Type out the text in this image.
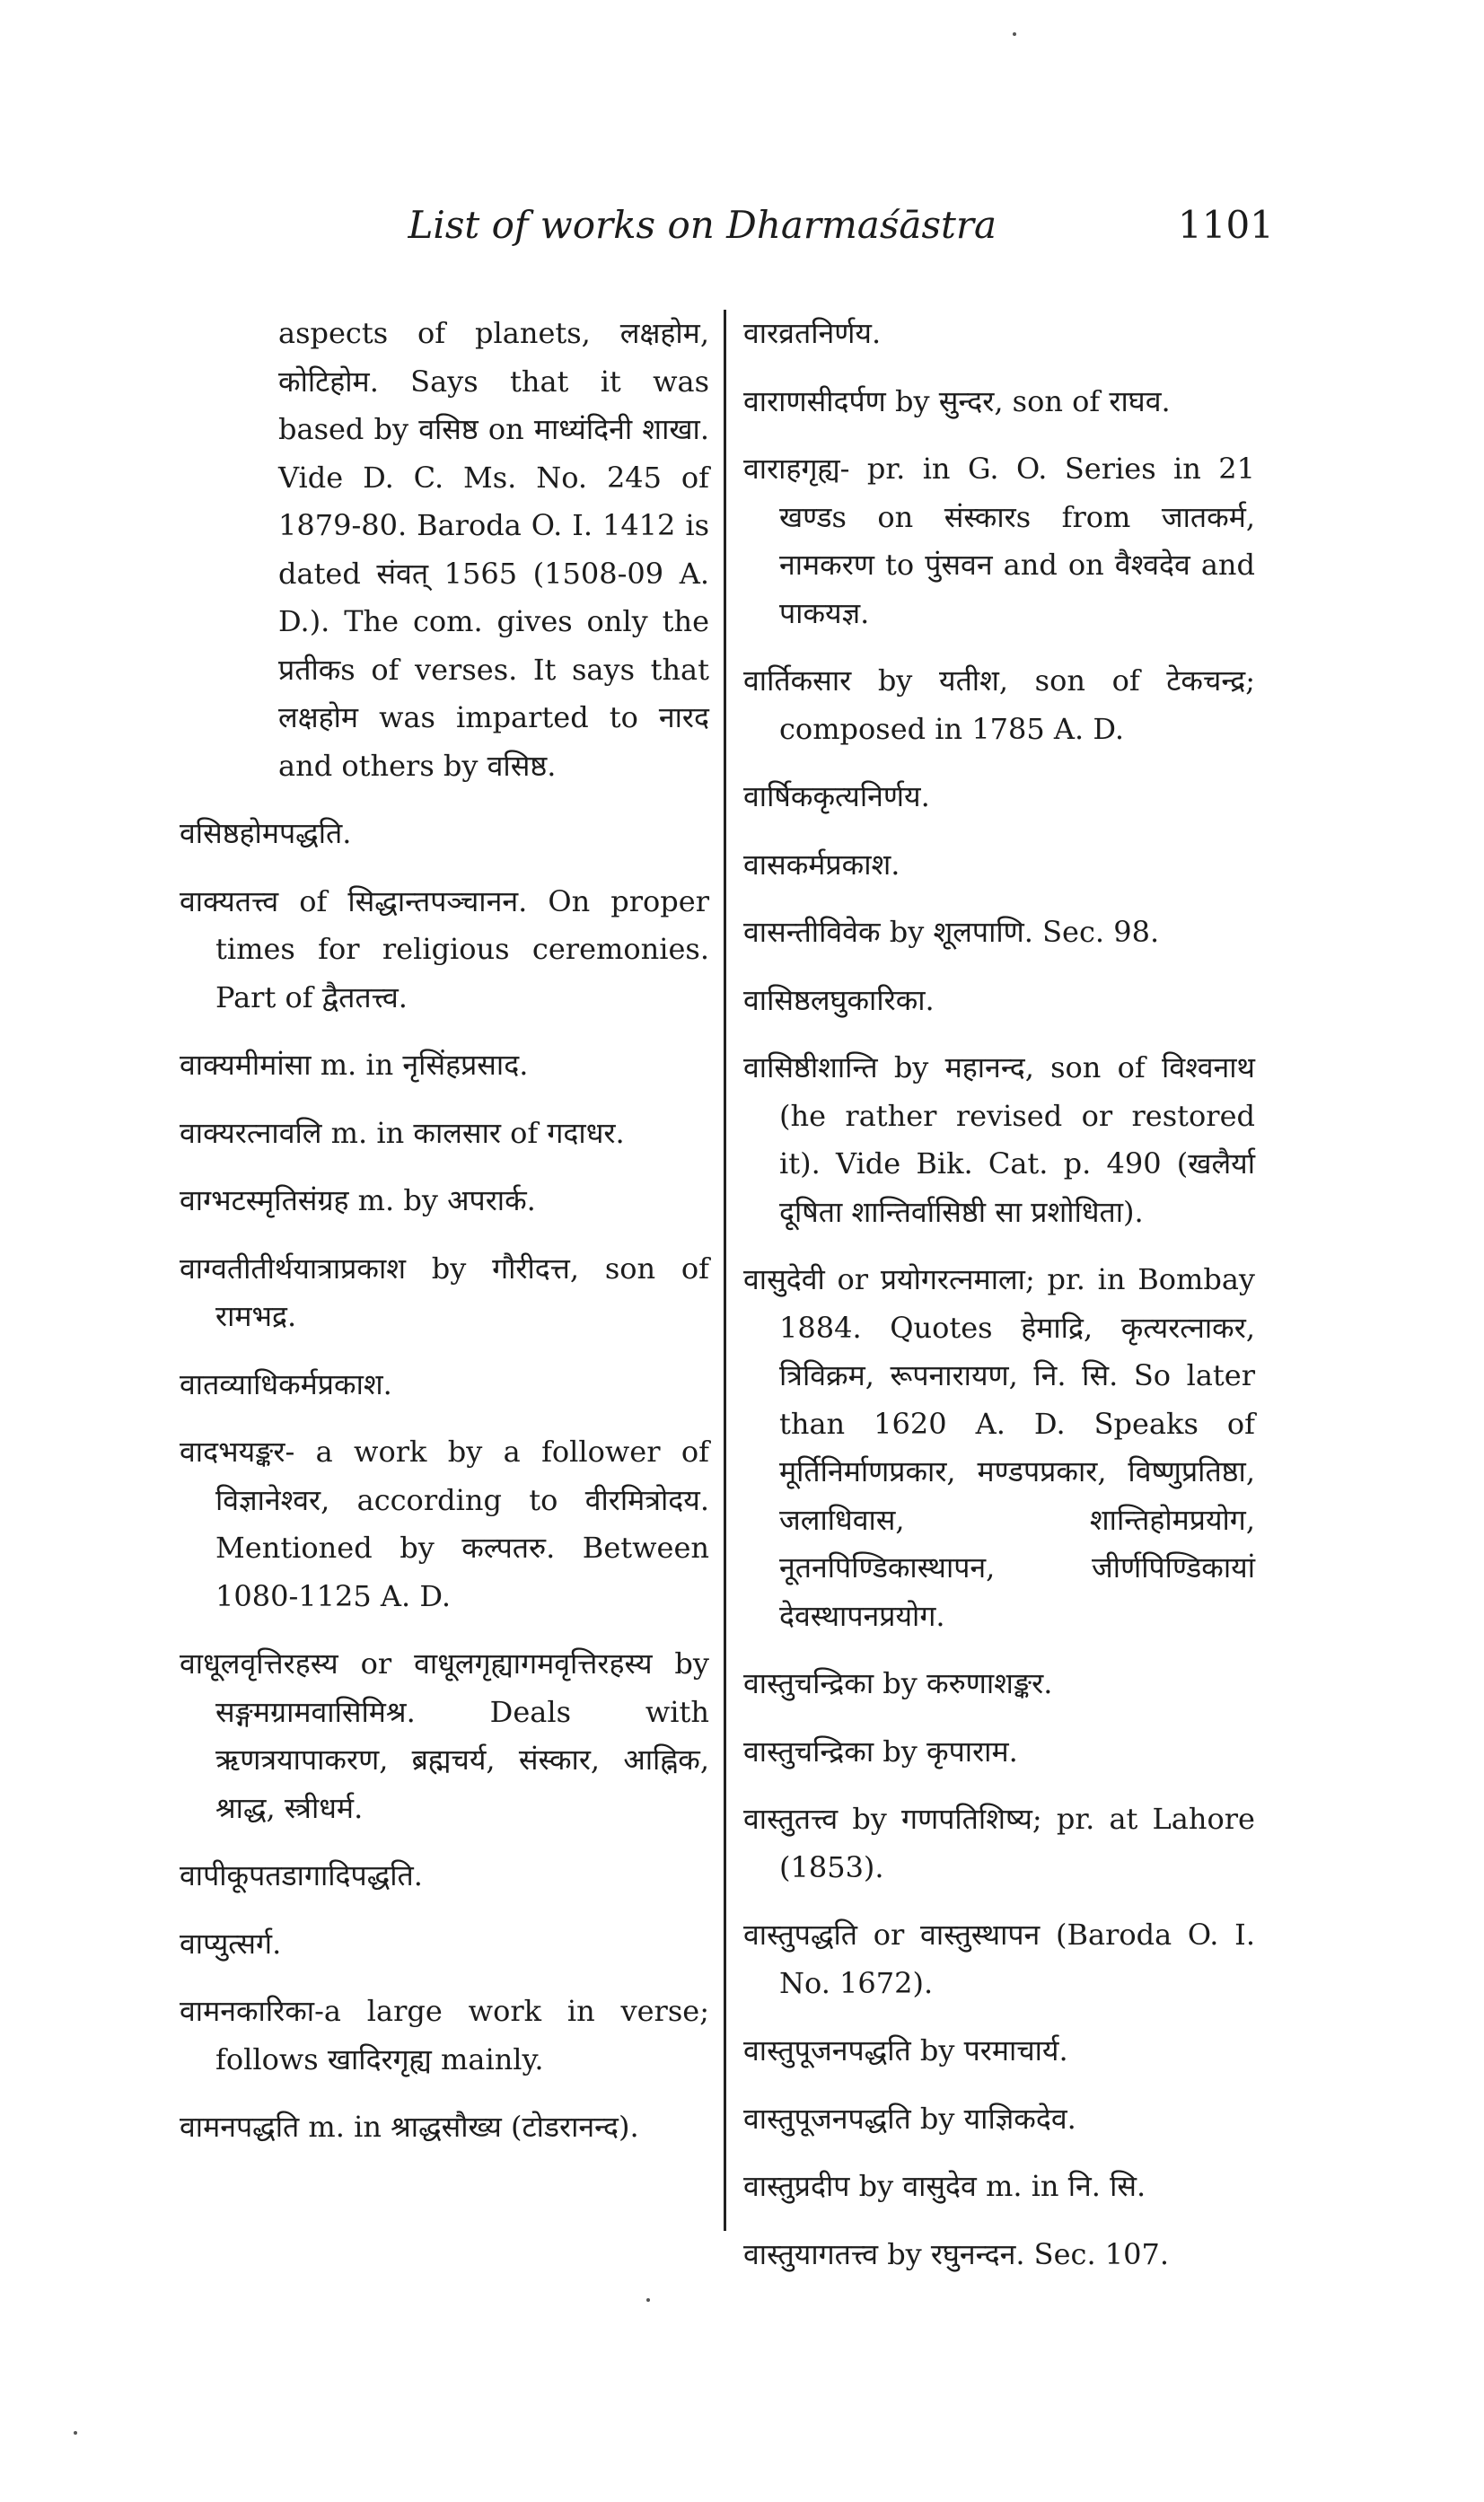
List of works on Dharmaśāstra	1101

aspects of planets, लक्षहोम, कोटिहोम. Says that it was based by वसिष्ठ on माध्यंदिनी शाखा. Vide D. C. Ms. No. 245 of 1879-80. Baroda O. I. 1412 is dated संवत् 1565 (1508-09 A. D.). The com. gives only the प्रतीकs of verses. It says that लक्षहोम was imparted to नारद and others by वसिष्ठ.

वसिष्ठहोमपद्धति.

वाक्यतत्त्व of सिद्धान्तपञ्चानन. On proper times for religious ceremonies. Part of द्वैततत्त्व.

वाक्यमीमांसा m. in नृसिंहप्रसाद.

वाक्यरत्नावलि m. in कालसार of गदाधर.

वाग्भटस्मृतिसंग्रह m. by अपरार्क.

वाग्वतीतीर्थयात्राप्रकाश by गौरीदत्त, son of रामभद्र.

वातव्याधिकर्मप्रकाश.

वादभयङ्कर- a work by a follower of विज्ञानेश्वर, according to वीरमित्रोदय. Mentioned by कल्पतरु. Between 1080-1125 A. D.

वाधूलवृत्तिरहस्य or वाधूलगृह्यागमवृत्तिरहस्य by सङ्गमग्रामवासिमिश्र. Deals with ऋणत्रयापाकरण, ब्रह्मचर्य, संस्कार, आह्निक, श्राद्ध, स्त्रीधर्म.

वापीकूपतडागादिपद्धति.

वाप्युत्सर्ग.

वामनकारिका-a large work in verse; follows खादिरगृह्य mainly.

वामनपद्धति m. in श्राद्धसौख्य (टोडरानन्द).

वारव्रतनिर्णय.

वाराणसीदर्पण by सुन्दर, son of राघव.

वाराहगृह्य- pr. in G. O. Series in 21 खण्डs on संस्कारs from जातकर्म, नामकरण to पुंसवन and on वैश्वदेव and पाकयज्ञ.

वार्तिकसार by यतीश, son of टेकचन्द्र; composed in 1785 A. D.

वार्षिककृत्यनिर्णय.

वासकर्मप्रकाश.

वासन्तीविवेक by शूलपाणि. Sec. 98.

वासिष्ठलघुकारिका.

वासिष्ठीशान्ति by महानन्द, son of विश्वनाथ (he rather revised or restored it). Vide Bik. Cat. p. 490 (खलैर्या दूषिता शान्तिर्वासिष्ठी सा प्रशोधिता).

वासुदेवी or प्रयोगरत्नमाला; pr. in Bombay 1884. Quotes हेमाद्रि, कृत्यरत्नाकर, त्रिविक्रम, रूपनारायण, नि. सि. So later than 1620 A. D. Speaks of मूर्तिनिर्माणप्रकार, मण्डपप्रकार, विष्णुप्रतिष्ठा, जलाधिवास, शान्तिहोमप्रयोग, नूतनपिण्डिकास्थापन, जीर्णपिण्डिकायां देवस्थापनप्रयोग.

वास्तुचन्द्रिका by करुणाशङ्कर.

वास्तुचन्द्रिका by कृपाराम.

वास्तुतत्त्व by गणपतिशिष्य; pr. at Lahore (1853).

वास्तुपद्धति or वास्तुस्थापन (Baroda O. I. No. 1672).

वास्तुपूजनपद्धति by परमाचार्य.

वास्तुपूजनपद्धति by याज्ञिकदेव.

वास्तुप्रदीप by वासुदेव m. in नि. सि.

वास्तुयागतत्त्व by रघुनन्दन. Sec. 107.
